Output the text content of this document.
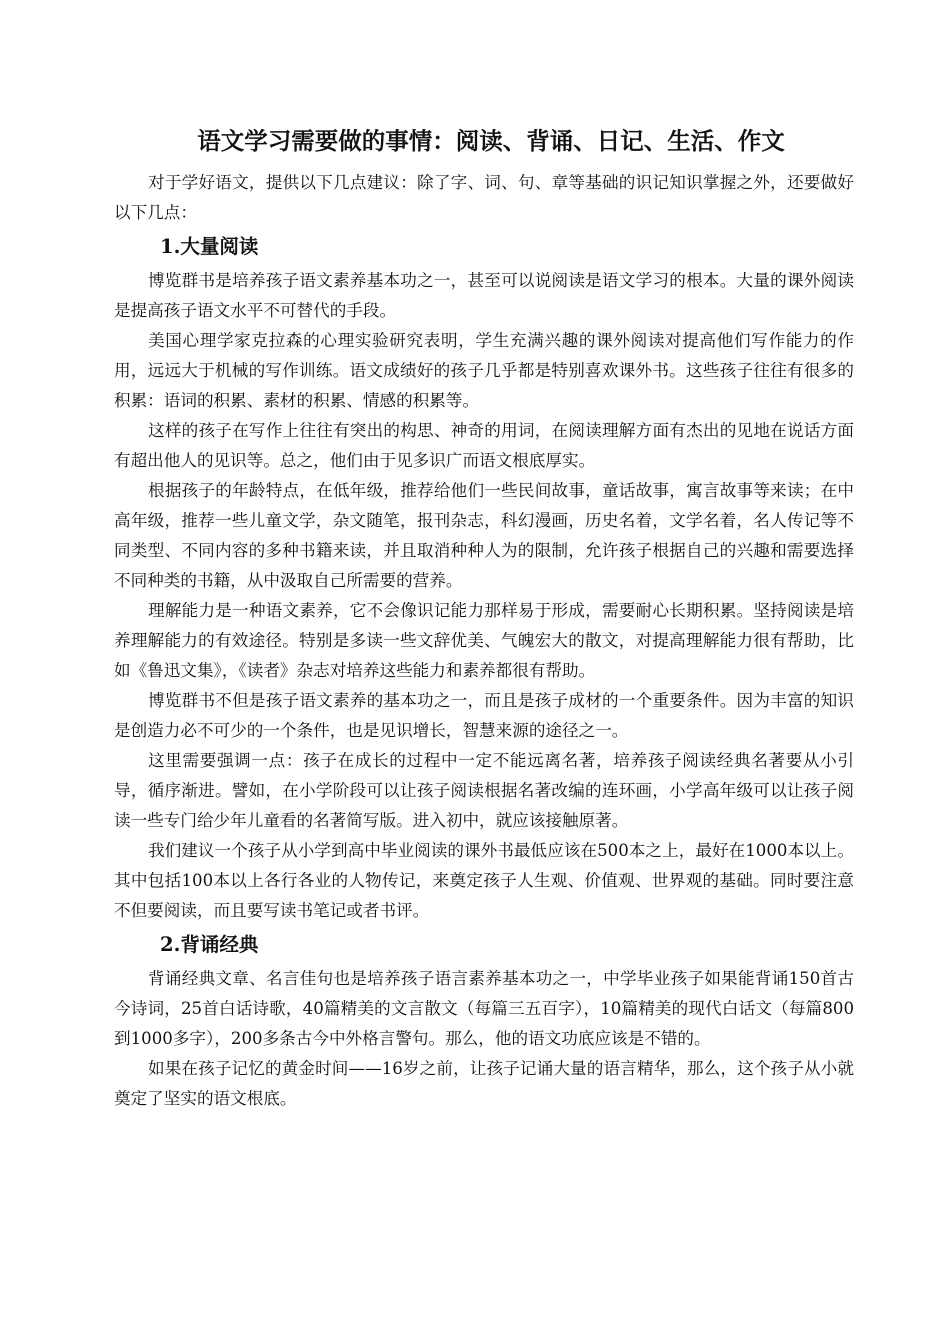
语文学习需要做的事情：阅读、背诵、日记、生活、作文

对于学好语文，提供以下几点建议：除了字、词、句、章等基础的识记知识掌握之外，还要做好以下几点：

1.大量阅读

博览群书是培养孩子语文素养基本功之一，甚至可以说阅读是语文学习的根本。大量的课外阅读是提高孩子语文水平不可替代的手段。

美国心理学家克拉森的心理实验研究表明，学生充满兴趣的课外阅读对提高他们写作能力的作用，远远大于机械的写作训练。语文成绩好的孩子几乎都是特别喜欢课外书。这些孩子往往有很多的积累：语词的积累、素材的积累、情感的积累等。

这样的孩子在写作上往往有突出的构思、神奇的用词，在阅读理解方面有杰出的见地在说话方面有超出他人的见识等。总之，他们由于见多识广而语文根底厚实。

根据孩子的年龄特点，在低年级，推荐给他们一些民间故事，童话故事，寓言故事等来读；在中高年级，推荐一些儿童文学，杂文随笔，报刊杂志，科幻漫画，历史名着，文学名着，名人传记等不同类型、不同内容的多种书籍来读，并且取消种种人为的限制，允许孩子根据自己的兴趣和需要选择不同种类的书籍，从中汲取自己所需要的营养。

理解能力是一种语文素养，它不会像识记能力那样易于形成，需要耐心长期积累。坚持阅读是培养理解能力的有效途径。特别是多读一些文辞优美、气魄宏大的散文，对提高理解能力很有帮助，比如《鲁迅文集》，《读者》杂志对培养这些能力和素养都很有帮助。

博览群书不但是孩子语文素养的基本功之一，而且是孩子成材的一个重要条件。因为丰富的知识是创造力必不可少的一个条件，也是见识增长，智慧来源的途径之一。

这里需要强调一点：孩子在成长的过程中一定不能远离名著，培养孩子阅读经典名著要从小引导，循序渐进。譬如，在小学阶段可以让孩子阅读根据名著改编的连环画，小学高年级可以让孩子阅读一些专门给少年儿童看的名著简写版。进入初中，就应该接触原著。

我们建议一个孩子从小学到高中毕业阅读的课外书最低应该在500本之上，最好在1000本以上。其中包括100本以上各行各业的人物传记，来奠定孩子人生观、价值观、世界观的基础。同时要注意不但要阅读，而且要写读书笔记或者书评。

2.背诵经典

背诵经典文章、名言佳句也是培养孩子语言素养基本功之一，中学毕业孩子如果能背诵150首古今诗词，25首白话诗歌，40篇精美的文言散文（每篇三五百字），10篇精美的现代白话文（每篇800到1000多字），200多条古今中外格言警句。那么，他的语文功底应该是不错的。

如果在孩子记忆的黄金时间——16岁之前，让孩子记诵大量的语言精华，那么，这个孩子从小就奠定了坚实的语文根底。
